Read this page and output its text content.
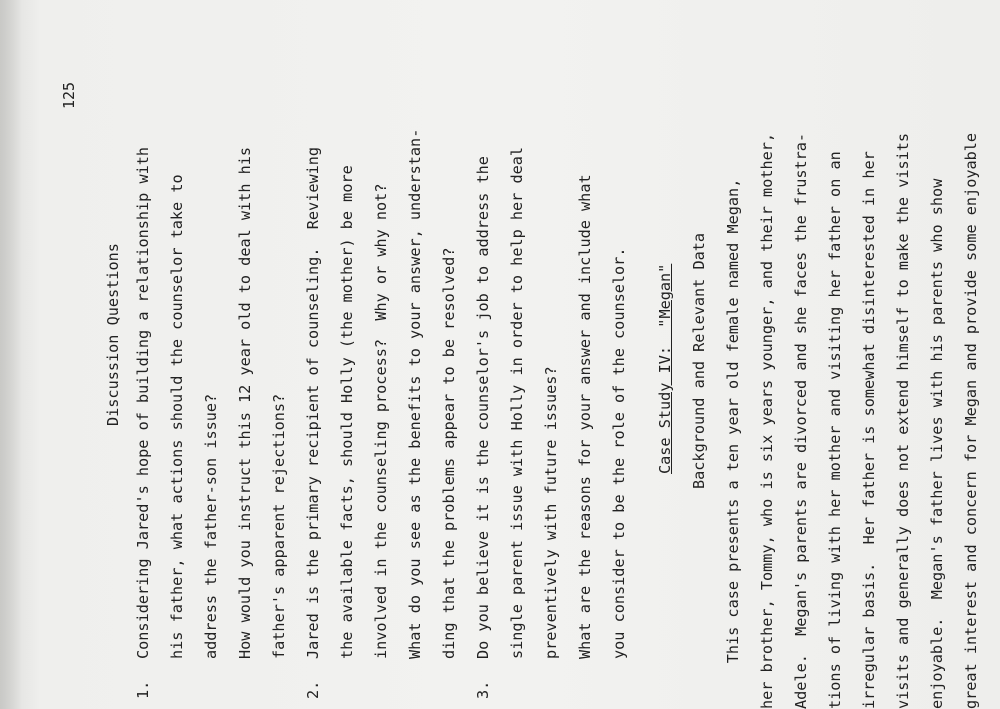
125
Discussion Questions
1.
Considering Jared's hope of building a relationship with his father, what actions should the counselor take to address the father-son issue? How would you instruct this 12 year old to deal with his father's apparent rejections?
2.
Jared is the primary recipient of counseling.  Reviewing the available facts, should Holly (the mother) be more involved in the counseling process?  Why or why not? What do you see as the benefits to your answer, understan- ding that the problems appear to be resolved?
3.
Do you believe it is the counselor's job to address the single parent issue with Holly in order to help her deal preventively with future issues? What are the reasons for your answer and include what you consider to be the role of the counselor. Case Study IV:  "Megan" Background and Relevant Data This case presents a ten year old female named Megan, her brother, Tommy, who is six years younger, and their mother, Adele.  Megan's parents are divorced and she faces the frustra- tions of living with her mother and visiting her father on an irregular basis.  Her father is somewhat disinterested in her visits and generally does not extend himself to make the visits enjoyable.  Megan's father lives with his parents who show great interest and concern for Megan and provide some enjoyable
